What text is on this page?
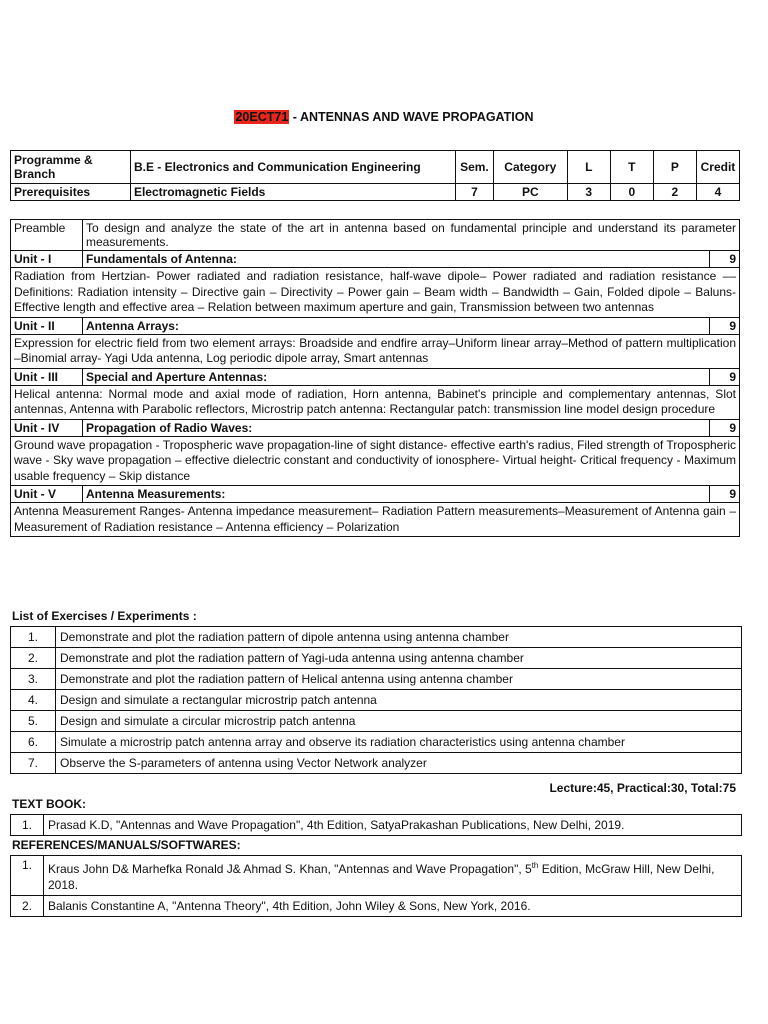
20ECT71 - ANTENNAS AND WAVE PROPAGATION
Programme & Branch	B.E - Electronics and Communication Engineering	Sem.	Category	L	T	P	Credit
Prerequisites	Electromagnetic Fields	7	PC	3	0	2	4
Preamble	To design and analyze the state of the art in antenna based on fundamental principle and understand its parameter measurements.	
Unit - I	Fundamentals of Antenna:	9
Radiation from Hertzian- Power radiated and radiation resistance, half-wave dipole– Power radiated and radiation resistance –– Definitions: Radiation intensity – Directive gain – Directivity – Power gain – Beam width – Bandwidth – Gain, Folded dipole – Baluns- Effective length and effective area – Relation between maximum aperture and gain, Transmission between two antennas		
Unit - II	Antenna Arrays:	9
Expression for electric field from two element arrays: Broadside and endfire array–Uniform linear array–Method of pattern multiplication –Binomial array- Yagi Uda antenna, Log periodic dipole array, Smart antennas		
Unit - III	Special and Aperture Antennas:	9
Helical antenna: Normal mode and axial mode of radiation, Horn antenna, Babinet's principle and complementary antennas, Slot antennas, Antenna with Parabolic reflectors, Microstrip patch antenna: Rectangular patch: transmission line model design procedure		
Unit - IV	Propagation of Radio Waves:	9
Ground wave propagation - Tropospheric wave propagation-line of sight distance- effective earth's radius, Filed strength of Tropospheric wave - Sky wave propagation – effective dielectric constant and conductivity of ionosphere- Virtual height- Critical frequency - Maximum usable frequency – Skip distance		
Unit - V	Antenna Measurements:	9
Antenna Measurement Ranges- Antenna impedance measurement– Radiation Pattern measurements–Measurement of Antenna gain – Measurement of Radiation resistance – Antenna efficiency – Polarization		
List of Exercises / Experiments :
1.	Demonstrate and plot the radiation pattern of dipole antenna using antenna chamber
2.	Demonstrate and plot the radiation pattern of Yagi-uda antenna using antenna chamber
3.	Demonstrate and plot the radiation pattern of Helical antenna using antenna chamber
4.	Design and simulate a rectangular microstrip patch antenna
5.	Design and simulate a circular microstrip patch antenna
6.	Simulate a microstrip patch antenna array and observe its radiation characteristics using antenna chamber
7.	Observe the S-parameters of antenna using Vector Network analyzer
Lecture:45, Practical:30, Total:75
TEXT BOOK:
1.	Prasad K.D, "Antennas and Wave Propagation", 4th Edition, SatyaPrakashan Publications, New Delhi, 2019.
REFERENCES/MANUALS/SOFTWARES:
1.	Kraus John D& Marhefka Ronald J& Ahmad S. Khan, "Antennas and Wave Propagation", 5th Edition, McGraw Hill, New Delhi, 2018.
2.	Balanis Constantine A, "Antenna Theory", 4th Edition, John Wiley & Sons, New York, 2016.
